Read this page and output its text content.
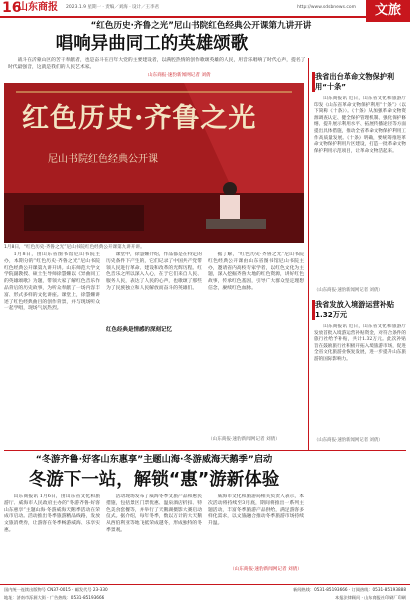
16
山东商报 2023.1.9 星期一 · 责编／刘海 · 设计／王李君	http://www.sdsbnews.com	文旅
“红色历史·齐鲁之光”尼山书院红色经典公开课第九讲开讲
唱响异曲同工的英雄颂歌
战斗在沂蒙山区的苦干奉献者，也是奋斗在百年大党的主要建设者，以满腔热情的创作歌颂英雄的人民，用音乐唱响了时代心声，提名了时代最强音，这就是我们的人民艺术家。
山东商报·速豹新闻网记者 刘倩
红色历史·齐鲁之光
尼山书院红色经典公开课
1月8日，“红色历史·齐鲁之光”尼山书院红色经典公开课第九讲开讲。

1月8日，由山东省图书馆尼山书院主办，本期分的“红色历史·齐鲁之光”尼山书院红色经典公开课第九讲开讲。山东师范大学文学院副教授、硕士生导师徐慧姗以《异曲同工的英雄颂歌》为题，带领大家了解红色音乐作品背后的历史故事，为听众奉献了一场内容丰富、形式多样的文化讲座。课堂上，徐慧姗讲述了红色经典曲目的创作背景，并与现场听众一起学唱，现场气氛热烈。

课堂中，徐慧姗介绍，作品都是在特定的历史条件下产生的，它们记录了中国共产党带领人民进行革命、建设和改革的光辉历程。红色音乐之所以深入人心，在于它们来自人民、服务人民，表达了人民的心声，也歌颂了那些为了民族独立和人民解放而奋斗的英雄们。

红色经典是情感的深刻记忆

据了解，“红色历史·齐鲁之光”尼山书院红色经典公开课由山东省图书馆尼山书院主办，邀请省内高校专家学者，以红色文化为主题，深入挖掘齐鲁大地的红色资源，讲好红色故事，传承红色基因，引导广大群众坚定理想信念，赓续红色血脉。

（山东商报·速豹新闻网记者 刘倩）
我省出台革命文物保护利用“十条”

山东商报讯 近日，山东省文化和旅游厅印发《山东省革命文物保护利用“十条”》（以下简称《十条》）。《十条》从加强革命文物资源调查认定、健全保护管理机制、强化保护修缮、提升展示利用水平、拓展传播途径等方面提出具体措施，推动全省革命文物保护利用工作高质量发展。《十条》明确，要统筹推进革命文物保护利用片区建设，打造一批革命文物保护利用示范项目，让革命文物活起来。

（山东商报·速豹新闻网记者 刘倩）
我省发放入境游运营补贴1.32万元

山东商报讯 近日，山东省文化和旅游厅发放首批入境游运营补贴资金，对符合条件的旅行社给予补贴，共计1.32万元。此次补贴旨在鼓励旅行社积极开拓入境旅游市场，促进全省文化旅游业恢复发展，进一步提升山东旅游的国际影响力。

（山东商报·速豹新闻网记者 刘倩）
“冬游齐鲁·好客山东惠享”主题山海·冬游威海天鹅季”启动
冬游下一站，解锁“惠”游新体验

山东商报讯 1月6日，由山东省文化和旅游厅、威海市人民政府主办的“冬游齐鲁·好客山东惠享”主题山海·冬游威海天鹅季活动在荣成市启动。活动推出冬季旅游精品线路，发放文旅消费券，让游客在冬季畅游威海、乐享实惠。

活动现场发布了威海冬季文旅产品和惠民措施，包括景区门票优惠、温泉酒店折扣、特色美食套餐等，并举行了天鹅湖摄影大赛启动仪式。据介绍，每年冬季，数以万计的大天鹅从西伯利亚等地飞抵荣成越冬，形成独特的冬季景观。

威海市文化和旅游局相关负责人表示，本次活动将持续至3月底，期间将推出一系列主题活动，丰富冬季旅游产品供给，满足游客多样化需求，以文旅融合推动冬季旅游市场持续升温。

（山东商报·速豹新闻网记者 刘倩）
国内统一连续出版物号 CN37-0015 · 邮发代号 23-330
地址：济南市泺源大街 · 广告热线：0531-85193666
新闻热线：0531-85193666 · 订阅热线：0531-85193888
本报法律顾问 · 山东商报社印刷厂印刷
